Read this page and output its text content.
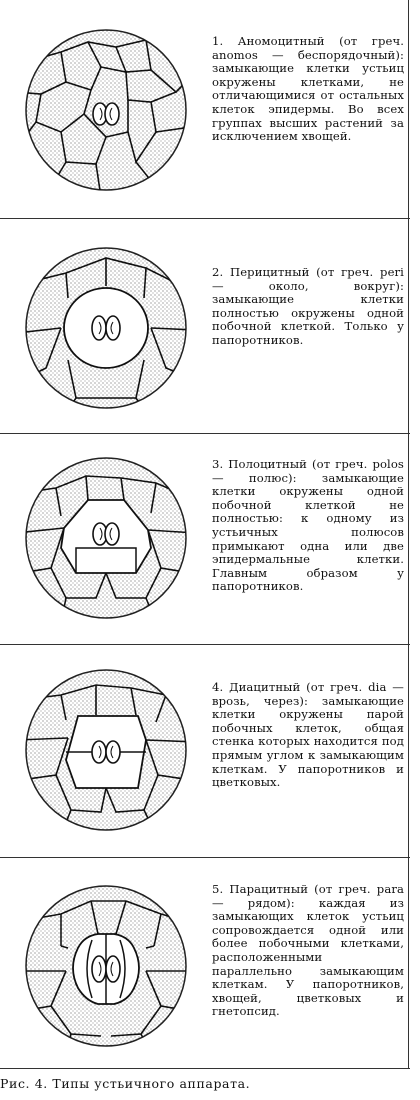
1. Аномоцитный (от греч. anomos — беспорядочный): замыкающие клетки устьиц окружены клетками, не отличающимися от остальных клеток эпидермы. Во всех группах высших растений за исключением хвощей.
2. Перицитный (от греч. peri — около, вокруг): замыкающие клетки полностью окружены одной побочной клеткой. Только у папоротников.
3. Полоцитный (от греч. polos — полюс): замыкающие клетки окружены одной побочной клеткой не полностью: к одному из устьичных полюсов примыкают одна или две эпидермальные клетки. Главным образом у папоротников.
4. Диацитный (от греч. dia — врозь, через): замыкающие клетки окружены парой побочных клеток, общая стенка которых находится под прямым углом к замыкающим клеткам. У папоротников и цветковых.
5. Парацитный (от греч. para — рядом): каждая из замыкающих клеток устьиц сопровождается одной или более побочными клетками, расположенными параллельно замыкающим клеткам. У папоротников, хвощей, цветковых и гнетопсид.
Рис. 4. Типы устьичного аппарата.
